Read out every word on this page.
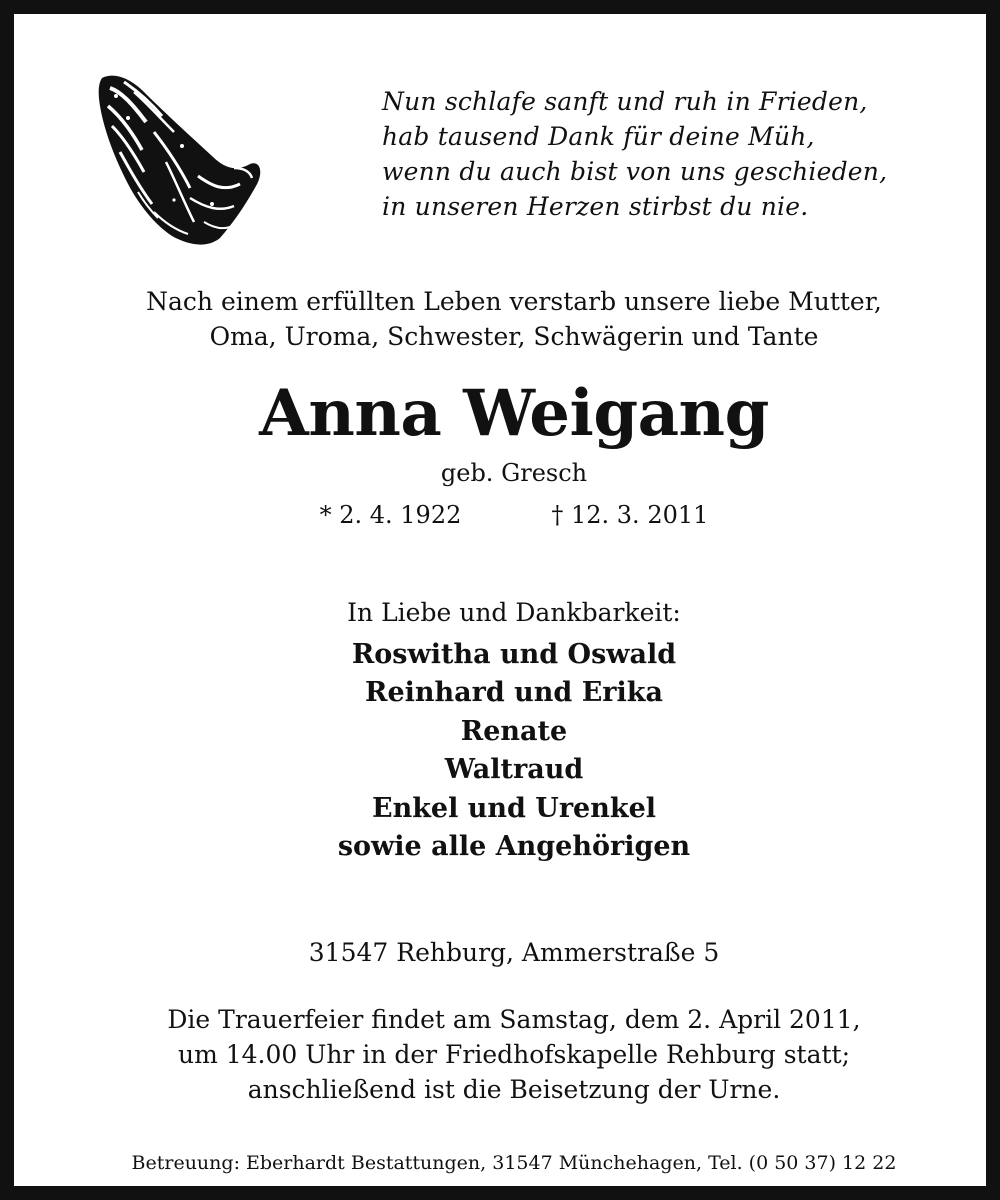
Nun schlafe sanft und ruh in Frieden,
hab tausend Dank für deine Müh,
wenn du auch bist von uns geschieden,
in unseren Herzen stirbst du nie.
Nach einem erfüllten Leben verstarb unsere liebe Mutter,
Oma, Uroma, Schwester, Schwägerin und Tante
Anna Weigang
geb. Gresch
* 2. 4. 1922	† 12. 3. 2011
In Liebe und Dankbarkeit:
Roswitha und Oswald
Reinhard und Erika
Renate
Waltraud
Enkel und Urenkel
sowie alle Angehörigen
31547 Rehburg, Ammerstraße 5
Die Trauerfeier findet am Samstag, dem 2. April 2011,
um 14.00 Uhr in der Friedhofskapelle Rehburg statt;
anschließend ist die Beisetzung der Urne.
Betreuung: Eberhardt Bestattungen, 31547 Münchehagen, Tel. (0 50 37) 12 22
